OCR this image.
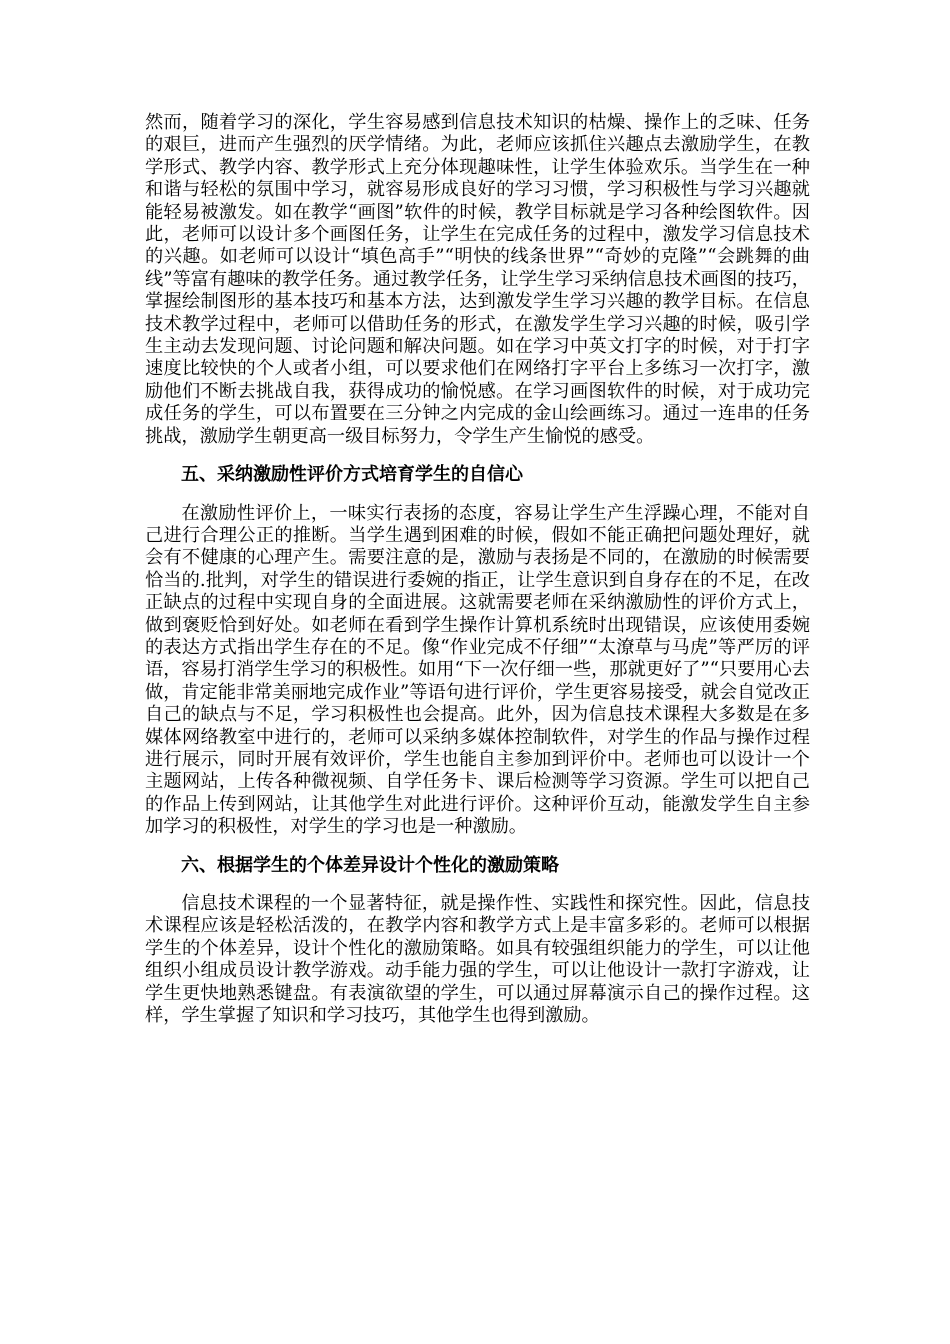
然而，随着学习的深化，学生容易感到信息技术知识的枯燥、操作上的乏味、任务的艰巨，进而产生强烈的厌学情绪。为此，老师应该抓住兴趣点去激励学生，在教学形式、教学内容、教学形式上充分体现趣味性，让学生体验欢乐。当学生在一种和谐与轻松的氛围中学习，就容易形成良好的学习习惯，学习积极性与学习兴趣就能轻易被激发。如在教学“画图”软件的时候，教学目标就是学习各种绘图软件。因此，老师可以设计多个画图任务，让学生在完成任务的过程中，激发学习信息技术的兴趣。如老师可以设计“填色高手”“明快的线条世界”“奇妙的克隆”“会跳舞的曲线”等富有趣味的教学任务。通过教学任务，让学生学习采纳信息技术画图的技巧，掌握绘制图形的基本技巧和基本方法，达到激发学生学习兴趣的教学目标。在信息技术教学过程中，老师可以借助任务的形式，在激发学生学习兴趣的时候，吸引学生主动去发现问题、讨论问题和解决问题。如在学习中英文打字的时候，对于打字速度比较快的个人或者小组，可以要求他们在网络打字平台上多练习一次打字，激励他们不断去挑战自我，获得成功的愉悦感。在学习画图软件的时候，对于成功完成任务的学生，可以布置要在三分钟之内完成的金山绘画练习。通过一连串的任务挑战，激励学生朝更高一级目标努力，令学生产生愉悦的感受。

五、采纳激励性评价方式培育学生的自信心

在激励性评价上，一味实行表扬的态度，容易让学生产生浮躁心理，不能对自己进行合理公正的推断。当学生遇到困难的时候，假如不能正确把问题处理好，就会有不健康的心理产生。需要注意的是，激励与表扬是不同的，在激励的时候需要恰当的.批判，对学生的错误进行委婉的指正，让学生意识到自身存在的不足，在改正缺点的过程中实现自身的全面进展。这就需要老师在采纳激励性的评价方式上，做到褒贬恰到好处。如老师在看到学生操作计算机系统时出现错误，应该使用委婉的表达方式指出学生存在的不足。像“作业完成不仔细”“太潦草与马虎”等严厉的评语，容易打消学生学习的积极性。如用“下一次仔细一些，那就更好了”“只要用心去做，肯定能非常美丽地完成作业”等语句进行评价，学生更容易接受，就会自觉改正自己的缺点与不足，学习积极性也会提高。此外，因为信息技术课程大多数是在多媒体网络教室中进行的，老师可以采纳多媒体控制软件，对学生的作品与操作过程进行展示，同时开展有效评价，学生也能自主参加到评价中。老师也可以设计一个主题网站，上传各种微视频、自学任务卡、课后检测等学习资源。学生可以把自己的作品上传到网站，让其他学生对此进行评价。这种评价互动，能激发学生自主参加学习的积极性，对学生的学习也是一种激励。

六、根据学生的个体差异设计个性化的激励策略

信息技术课程的一个显著特征，就是操作性、实践性和探究性。因此，信息技术课程应该是轻松活泼的，在教学内容和教学方式上是丰富多彩的。老师可以根据学生的个体差异，设计个性化的激励策略。如具有较强组织能力的学生，可以让他组织小组成员设计教学游戏。动手能力强的学生，可以让他设计一款打字游戏，让学生更快地熟悉键盘。有表演欲望的学生，可以通过屏幕演示自己的操作过程。这样，学生掌握了知识和学习技巧，其他学生也得到激励。
